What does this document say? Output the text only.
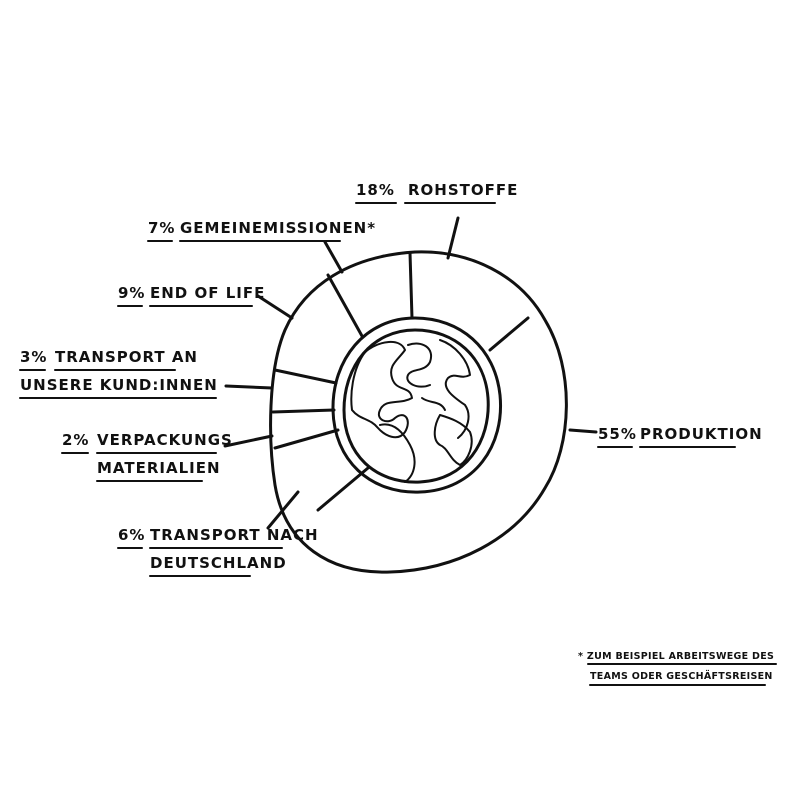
18% ROHSTOFFE
7% GEMEINEMISSIONEN*
9% END OF LIFE
3% TRANSPORT AN
UNSERE KUND:INNEN
2% VERPACKUNGS
MATERIALIEN
6% TRANSPORT NACH
DEUTSCHLAND
55% PRODUKTION
* ZUM BEISPIEL ARBEITSWEGE DES
TEAMS ODER GESCHÄFTSREISEN
